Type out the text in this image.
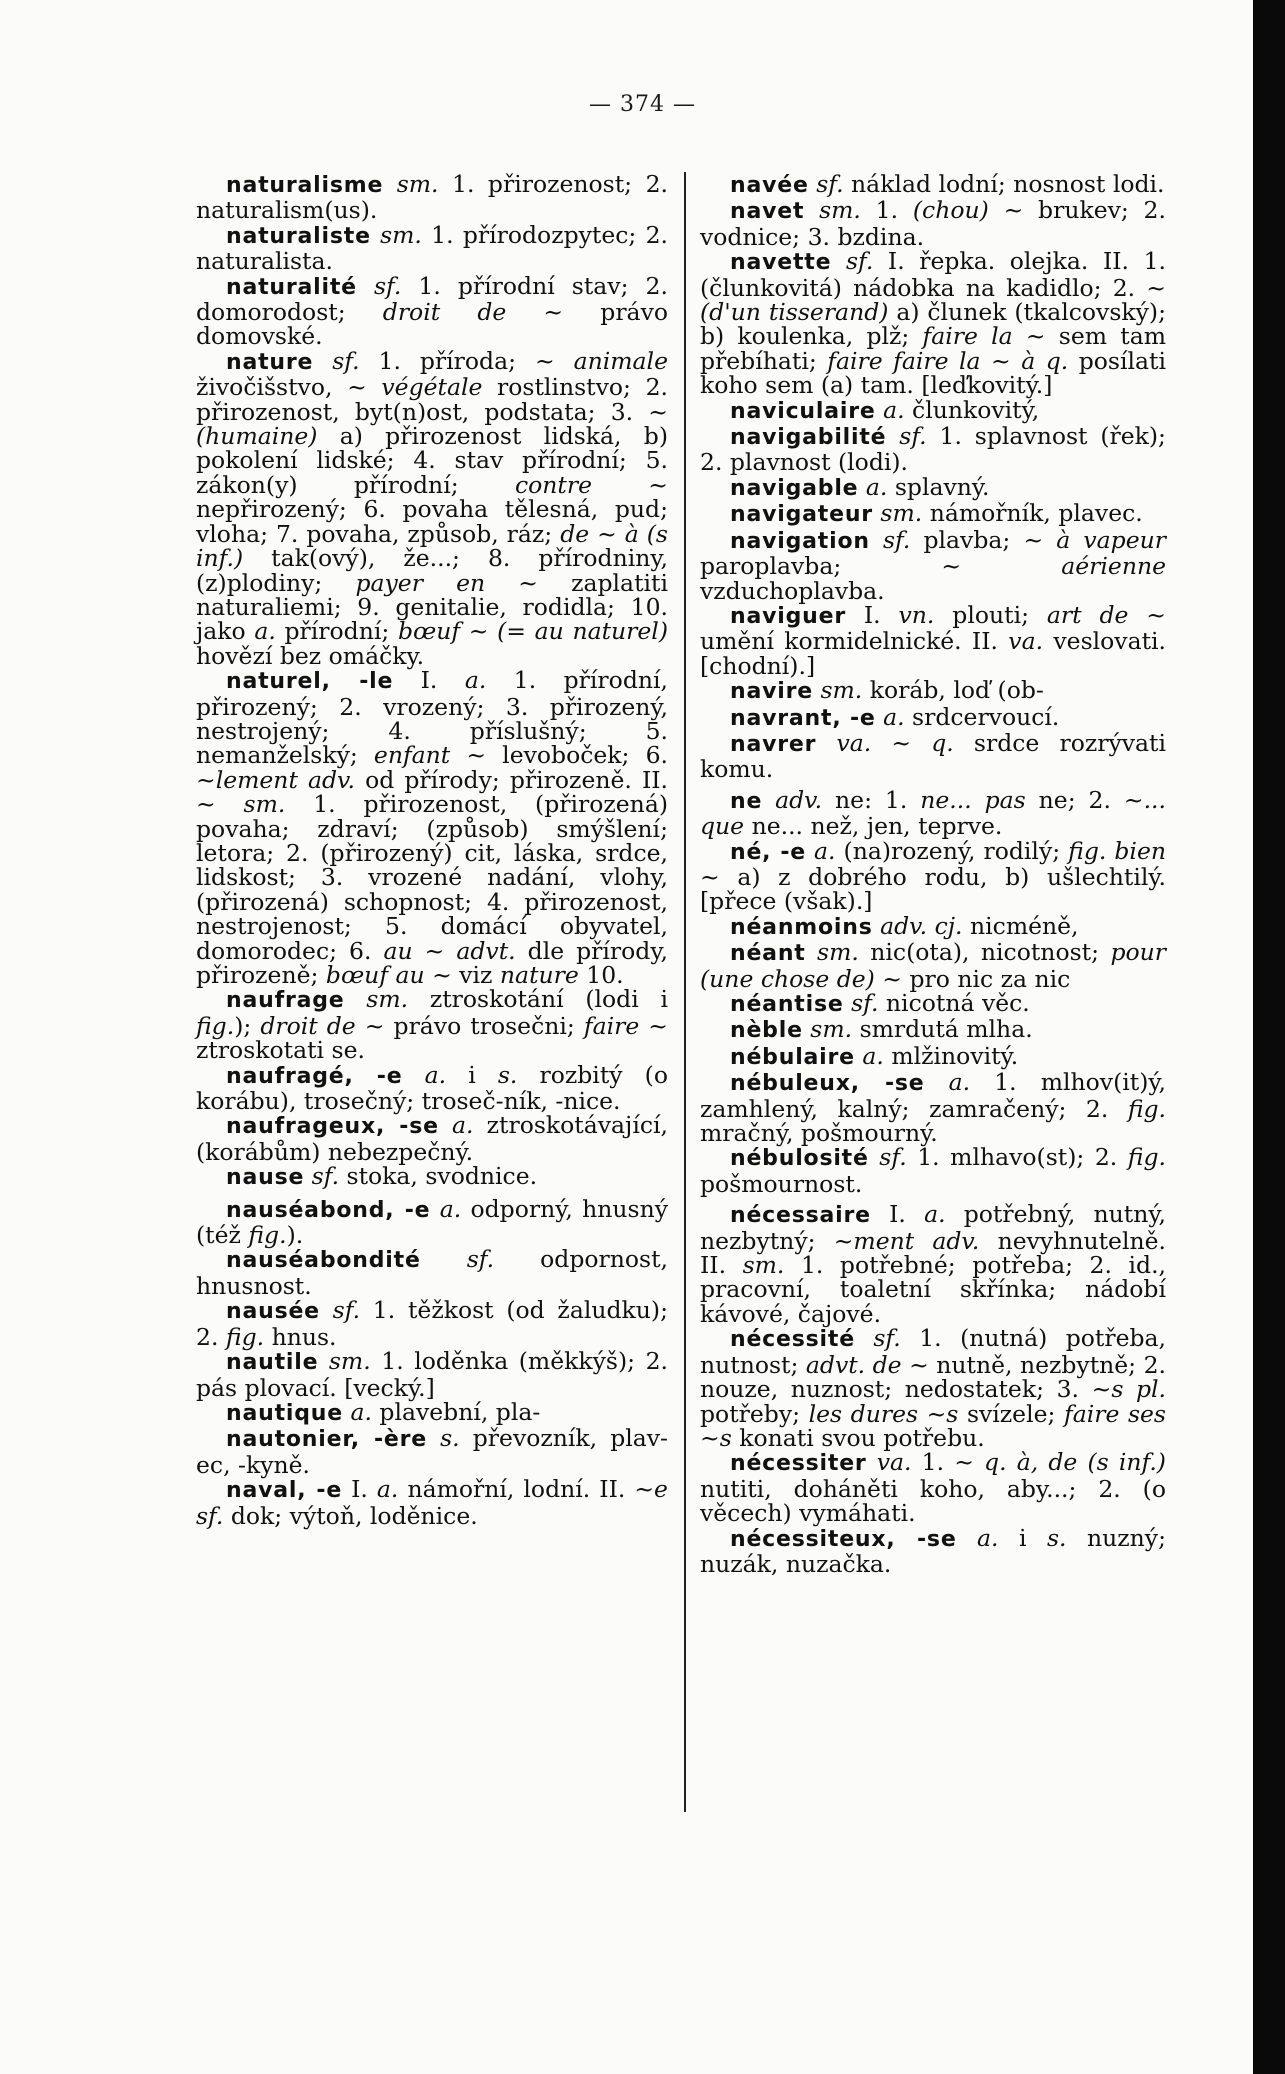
— 374 —

naturalisme sm. 1. přirozenost; 2. naturalism(us).

naturaliste sm. 1. přírodozpytec; 2. naturalista.

naturalité sf. 1. přírodní stav; 2. domorodost; droit de ~ právo domovské.

nature sf. 1. příroda; ~ animale živočišstvo, ~ végétale rostlinstvo; 2. přirozenost, byt(n)ost, podstata; 3. ~ (humaine) a) přirozenost lidská, b) pokolení lidské; 4. stav přírodní; 5. zákon(y) přírodní; contre ~ nepřirozený; 6. povaha tělesná, pud; vloha; 7. povaha, způsob, ráz; de ~ à (s inf.) tak(ový), že...; 8. přírodniny, (z)plodiny; payer en ~ zaplatiti naturaliemi; 9. genitalie, rodidla; 10. jako a. přírodní; bœuf ~ (= au naturel) hovězí bez omáčky.

naturel, -le I. a. 1. přírodní, přirozený; 2. vrozený; 3. přirozený, nestrojený; 4. příslušný; 5. nemanželský; enfant ~ levoboček; 6. ~lement adv. od přírody; přirozeně. II. ~ sm. 1. přirozenost, (přirozená) povaha; zdraví; (způsob) smýšlení; letora; 2. (přirozený) cit, láska, srdce, lidskost; 3. vrozené nadání, vlohy, (přirozená) schopnost; 4. přirozenost, nestrojenost; 5. domácí obyvatel, domorodec; 6. au ~ advt. dle přírody, přirozeně; bœuf au ~ viz nature 10.

naufrage sm. ztroskotání (lodi i fig.); droit de ~ právo trosečni; faire ~ ztroskotati se.

naufragé, -e a. i s. rozbitý (o korábu), trosečný; troseč-ník, -nice.

naufrageux, -se a. ztroskotávající, (korábům) nebezpečný.

nause sf. stoka, svodnice.

nauséabond, -e a. odporný, hnusný (též fig.).

nauséabondité sf. odpornost, hnusnost.

nausée sf. 1. těžkost (od žaludku); 2. fig. hnus.

nautile sm. 1. loděnka (měkkýš); 2. pás plovací. [vecký.]

nautique a. plavební, pla-

nautonier, -ère s. převozník, plav-ec, -kyně.

naval, -e I. a. námořní, lodní. II. ~e sf. dok; výtoň, loděnice.

navée sf. náklad lodní; nosnost lodi.

navet sm. 1. (chou) ~ brukev; 2. vodnice; 3. bzdina.

navette sf. I. řepka. olejka. II. 1. (člunkovitá) nádobka na kadidlo; 2. ~ (d'un tisserand) a) člunek (tkalcovský); b) koulenka, plž; faire la ~ sem tam přebíhati; faire faire la ~ à q. posílati koho sem (a) tam. [leďkovitý.]

naviculaire a. člunkovitý,

navigabilité sf. 1. splavnost (řek); 2. plavnost (lodi).

navigable a. splavný.

navigateur sm. námořník, plavec.

navigation sf. plavba; ~ à vapeur paroplavba; ~ aérienne vzduchoplavba.

naviguer I. vn. plouti; art de ~ umění kormidelnické. II. va. veslovati. [chodní).]

navire sm. koráb, loď (ob-

navrant, -e a. srdcervoucí.

navrer va. ~ q. srdce rozrývati komu.

ne adv. ne: 1. ne... pas ne; 2. ~... que ne... než, jen, teprve.

né, -e a. (na)rozený, rodilý; fig. bien ~ a) z dobrého rodu, b) ušlechtilý. [přece (však).]

néanmoins adv. cj. nicméně,

néant sm. nic(ota), nicotnost; pour (une chose de) ~ pro nic za nic

néantise sf. nicotná věc.

nèble sm. smrdutá mlha.

nébulaire a. mlžinovitý.

nébuleux, -se a. 1. mlhov(it)ý, zamhlený, kalný; zamračený; 2. fig. mračný, pošmourný.

nébulosité sf. 1. mlhavo(st); 2. fig. pošmournost.

nécessaire I. a. potřebný, nutný, nezbytný; ~ment adv. nevyhnutelně. II. sm. 1. potřebné; potřeba; 2. id., pracovní, toaletní skřínka; nádobí kávové, čajové.

nécessité sf. 1. (nutná) potřeba, nutnost; advt. de ~ nutně, nezbytně; 2. nouze, nuznost; nedostatek; 3. ~s pl. potřeby; les dures ~s svízele; faire ses ~s konati svou potřebu.

nécessiter va. 1. ~ q. à, de (s inf.) nutiti, doháněti koho, aby...; 2. (o věcech) vymáhati.

nécessiteux, -se a. i s. nuzný; nuzák, nuzačka.
